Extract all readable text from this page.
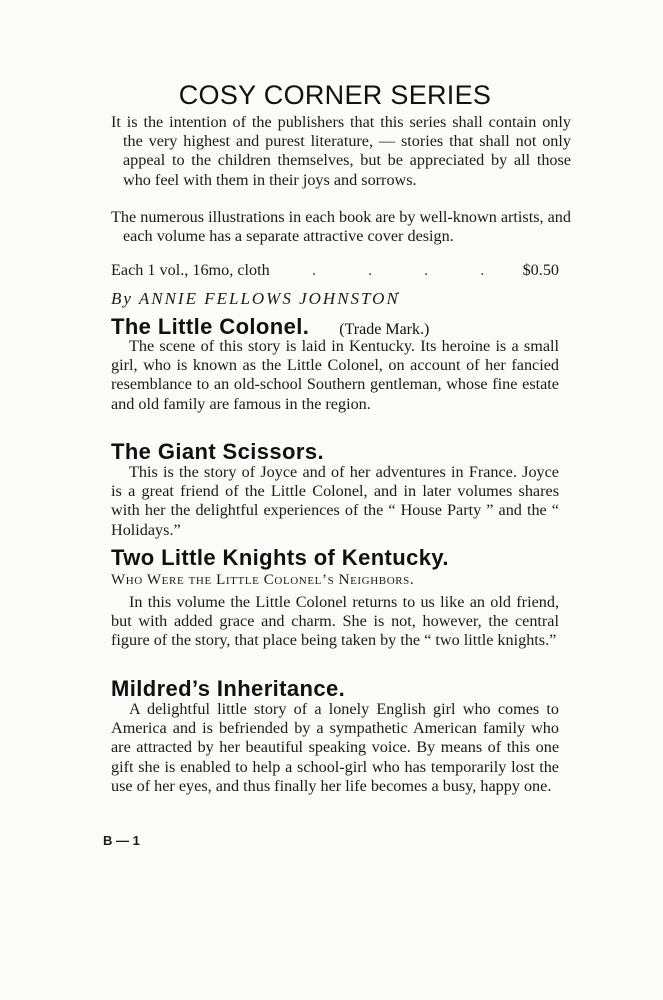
COSY CORNER SERIES

It is the intention of the publishers that this series shall contain only the very highest and purest literature, — stories that shall not only appeal to the children themselves, but be appreciated by all those who feel with them in their joys and sorrows.

The numerous illustrations in each book are by well-known artists, and each volume has a separate attractive cover design.

Each 1 vol., 16mo, cloth	. . . . .
$0.50
By ANNIE FELLOWS JOHNSTON
The Little Colonel. (Trade Mark.)

The scene of this story is laid in Kentucky. Its heroine is a small girl, who is known as the Little Colonel, on account of her fancied resemblance to an old-school Southern gentleman, whose fine estate and old family are famous in the region.

The Giant Scissors.

This is the story of Joyce and of her adventures in France. Joyce is a great friend of the Little Colonel, and in later volumes shares with her the delightful experiences of the “ House Party ” and the “ Holidays.”

Two Little Knights of Kentucky.
Who Were the Little Colonel’s Neighbors.

In this volume the Little Colonel returns to us like an old friend, but with added grace and charm. She is not, however, the central figure of the story, that place being taken by the “ two little knights.”

Mildred’s Inheritance.

A delightful little story of a lonely English girl who comes to America and is befriended by a sympathetic American family who are attracted by her beautiful speaking voice. By means of this one gift she is enabled to help a school-girl who has temporarily lost the use of her eyes, and thus finally her life becomes a busy, happy one.

B — 1
